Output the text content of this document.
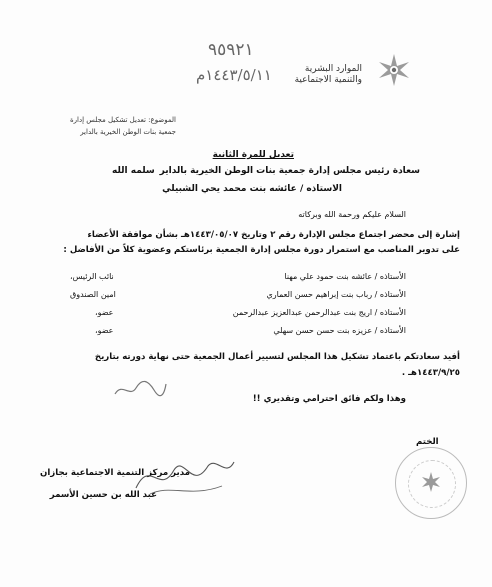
٩٥٩٢١
١٤٤٣/٥/١١م	الموارد البشرية
والتنمية الاجتماعية
الموضوع: تعديل تشكيل مجلس إدارة
جمعية بنات الوطن الخيرية بالداير
تعديل للمرة الثانية
سعادة رئيس مجلس إدارة جمعية بنات الوطن الخيرية بالداير
سلمه الله
الاستاذه / عائشه بنت محمد يحي الشبيلي
السلام عليكم ورحمة الله وبركاته
إشارة إلى محضر اجتماع مجلس الإدارة رقم ٢ وتاريخ ١٤٤٣/٠٥/٠٧هـ بشأن موافقة الأعضاء
على تدوير المناصب مع استمرار دورة مجلس إدارة الجمعية برئاستكم وعضوية كلاً من الأفاضل :
الأستاذه / عائشه بنت حمود علي مهنا
نائب الرئيس،
الأستاذه / رباب بنت إبراهيم حسن العماري
امين الصندوق
الأستاذه / اريج بنت عبدالرحمن عبدالعزيز عبدالرحمن
عضو،
الأستاذه / عزيزه بنت حسن حسن سهلي
عضو،
أفيد سعادتكم باعتماد تشكيل هذا المجلس لتسيير أعمال الجمعية حتى نهاية دورته بتاريخ
١٤٤٣/٩/٢٥هـ .
وهذا ولكم فائق احترامي وتقديري !!
مدير مركز التنمية الاجتماعية بجازان
عبد الله بن حسين الأسمر
الختم
